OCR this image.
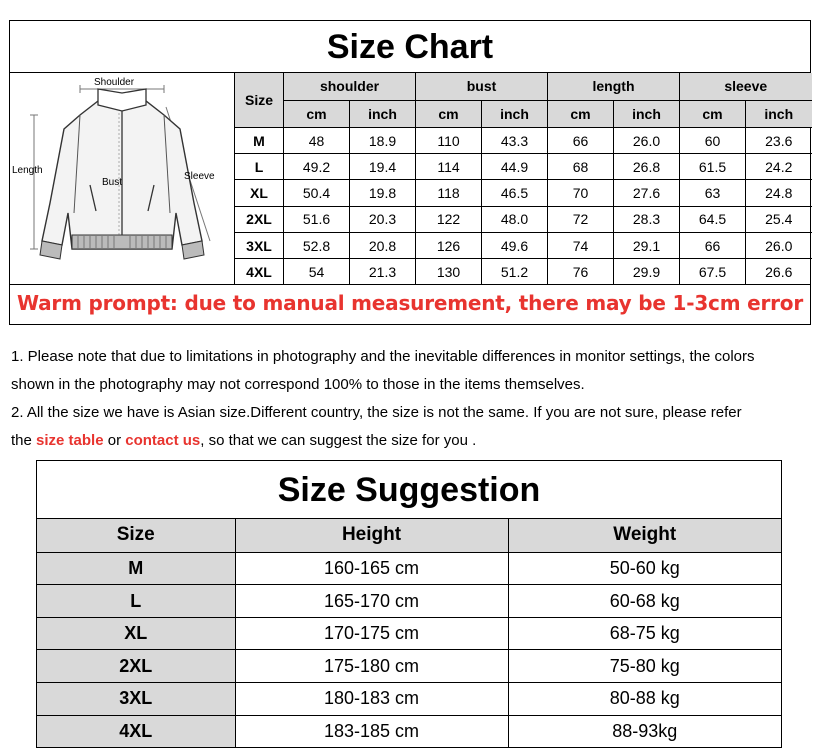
Size Chart
Shoulder
Length
Bust
Sleeve
Size	shoulder		bust		length		sleeve	
	cm	inch	cm	inch	cm	inch	cm	inch
M	48	18.9	110	43.3	66	26.0	60	23.6
L	49.2	19.4	114	44.9	68	26.8	61.5	24.2
XL	50.4	19.8	118	46.5	70	27.6	63	24.8
2XL	51.6	20.3	122	48.0	72	28.3	64.5	25.4
3XL	52.8	20.8	126	49.6	74	29.1	66	26.0
4XL	54	21.3	130	51.2	76	29.9	67.5	26.6
Warm prompt: due to manual measurement, there may be 1-3cm error
1. Please note that due to limitations in photography and the inevitable differences in monitor settings, the colors
shown in the photography may not correspond 100% to those in the items themselves.
2. All the size we have is Asian size.Different country, the size is not the same. If you are not sure, please refer
the size table or contact us, so that we can suggest the size for you .
Size Suggestion
Size	Height	Weight
M	160-165 cm	50-60 kg
L	165-170 cm	60-68 kg
XL	170-175 cm	68-75 kg
2XL	175-180 cm	75-80 kg
3XL	180-183 cm	80-88 kg
4XL	183-185 cm	88-93kg
